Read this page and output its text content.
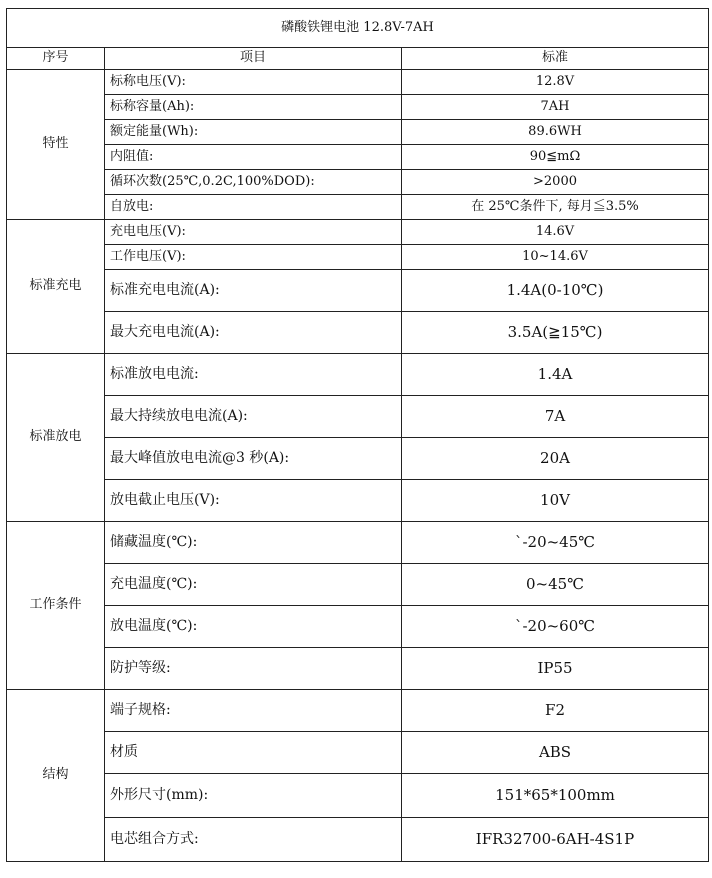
磷酸铁锂电池 12.8V-7AH		
序号	项目	标准
特性	标称电压(V):	12.8V
	标称容量(Ah):	7AH
	额定能量(Wh):	89.6WH
	内阻值:	90≦mΩ
	循环次数(25℃,0.2C,100%DOD):	>2000
	自放电:	在 25℃条件下, 每月≦3.5%
标准充电	充电电压(V):	14.6V
	工作电压(V):	10~14.6V
	标准充电电流(A):	1.4A(0-10℃)
	最大充电电流(A):	3.5A(≧15℃)
标准放电	标准放电电流:	1.4A
	最大持续放电电流(A):	7A
	最大峰值放电电流@3 秒(A):	20A
	放电截止电压(V):	10V
工作条件	储藏温度(℃):	`-20~45℃
	充电温度(℃):	0~45℃
	放电温度(℃):	`-20~60℃
	防护等级:	IP55
结构	端子规格:	F2
	材质	ABS
	外形尺寸(mm):	151*65*100mm
	电芯组合方式:	IFR32700-6AH-4S1P
